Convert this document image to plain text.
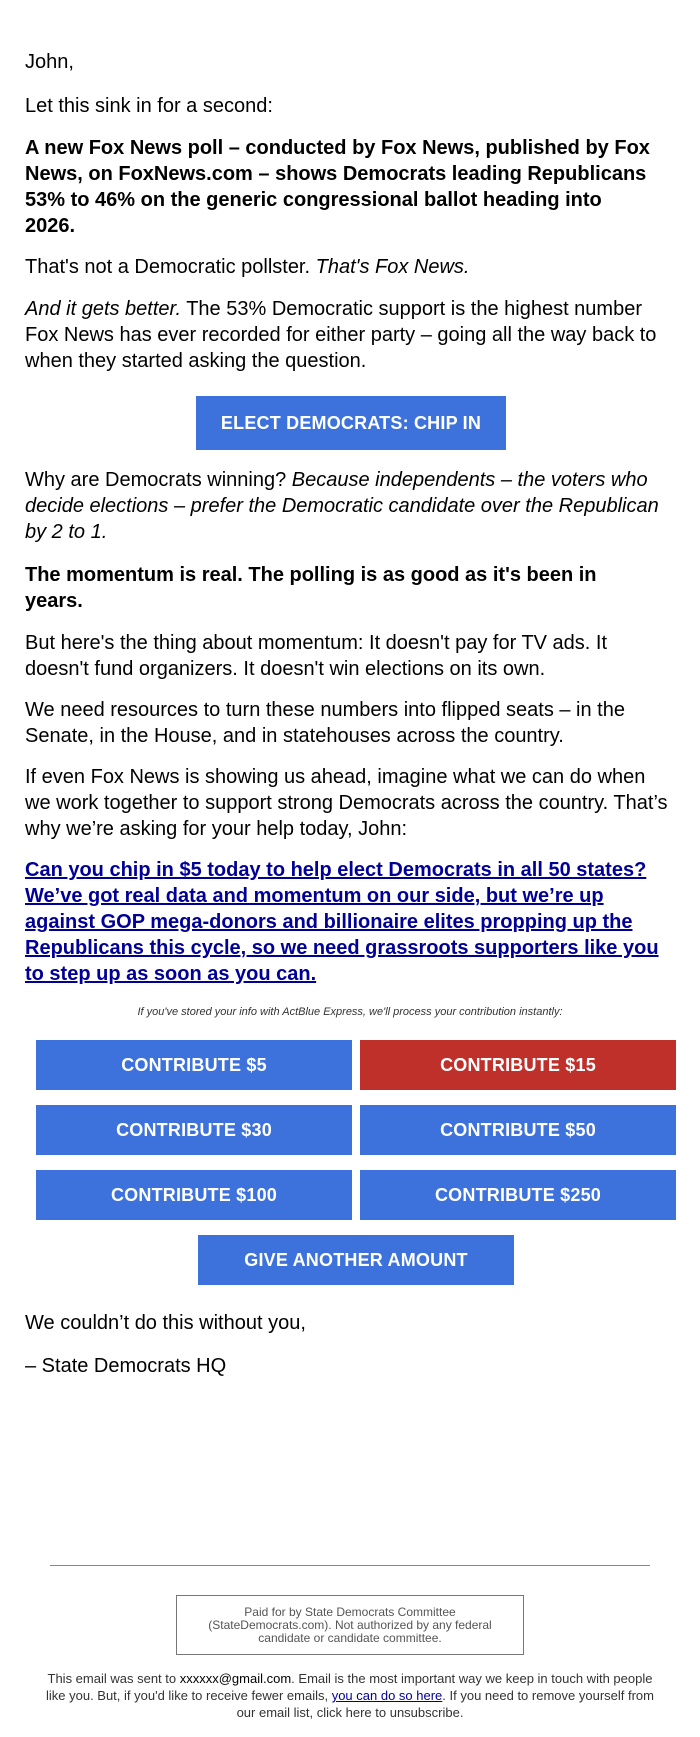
John,

Let this sink in for a second:

A new Fox News poll – conducted by Fox News, published by Fox News, on FoxNews.com – shows Democrats leading Republicans 53% to 46% on the generic congressional ballot heading into 2026.

That's not a Democratic pollster. That's Fox News.

And it gets better. The 53% Democratic support is the highest number Fox News has ever recorded for either party – going all the way back to when they started asking the question.

Why are Democrats winning? Because independents – the voters who decide elections – prefer the Democratic candidate over the Republican by 2 to 1.

The momentum is real. The polling is as good as it's been in years.

But here's the thing about momentum: It doesn't pay for TV ads. It doesn't fund organizers. It doesn't win elections on its own.

We need resources to turn these numbers into flipped seats – in the Senate, in the House, and in statehouses across the country.

If even Fox News is showing us ahead, imagine what we can do when we work together to support strong Democrats across the country. That’s why we’re asking for your help today, John:

Can you chip in $5 today to help elect Democrats in all 50 states? We’ve got real data and momentum on our side, but we’re up against GOP mega-donors and billionaire elites propping up the Republicans this cycle, so we need grassroots supporters like you to step up as soon as you can.

We couldn’t do this without you,

– State Democrats HQ

ELECT DEMOCRATS: CHIP IN
If you've stored your info with ActBlue Express, we'll process your contribution instantly:
CONTRIBUTE $5	CONTRIBUTE $15
CONTRIBUTE $30	CONTRIBUTE $50
CONTRIBUTE $100	CONTRIBUTE $250
GIVE ANOTHER AMOUNT
Paid for by State Democrats Committee (StateDemocrats.com). Not authorized by any federal candidate or candidate committee.
This email was sent to xxxxxx@gmail.com. Email is the most important way we keep in touch with people like you. But, if you'd like to receive fewer emails, you can do so here. If you need to remove yourself from our email list, click here to unsubscribe.
